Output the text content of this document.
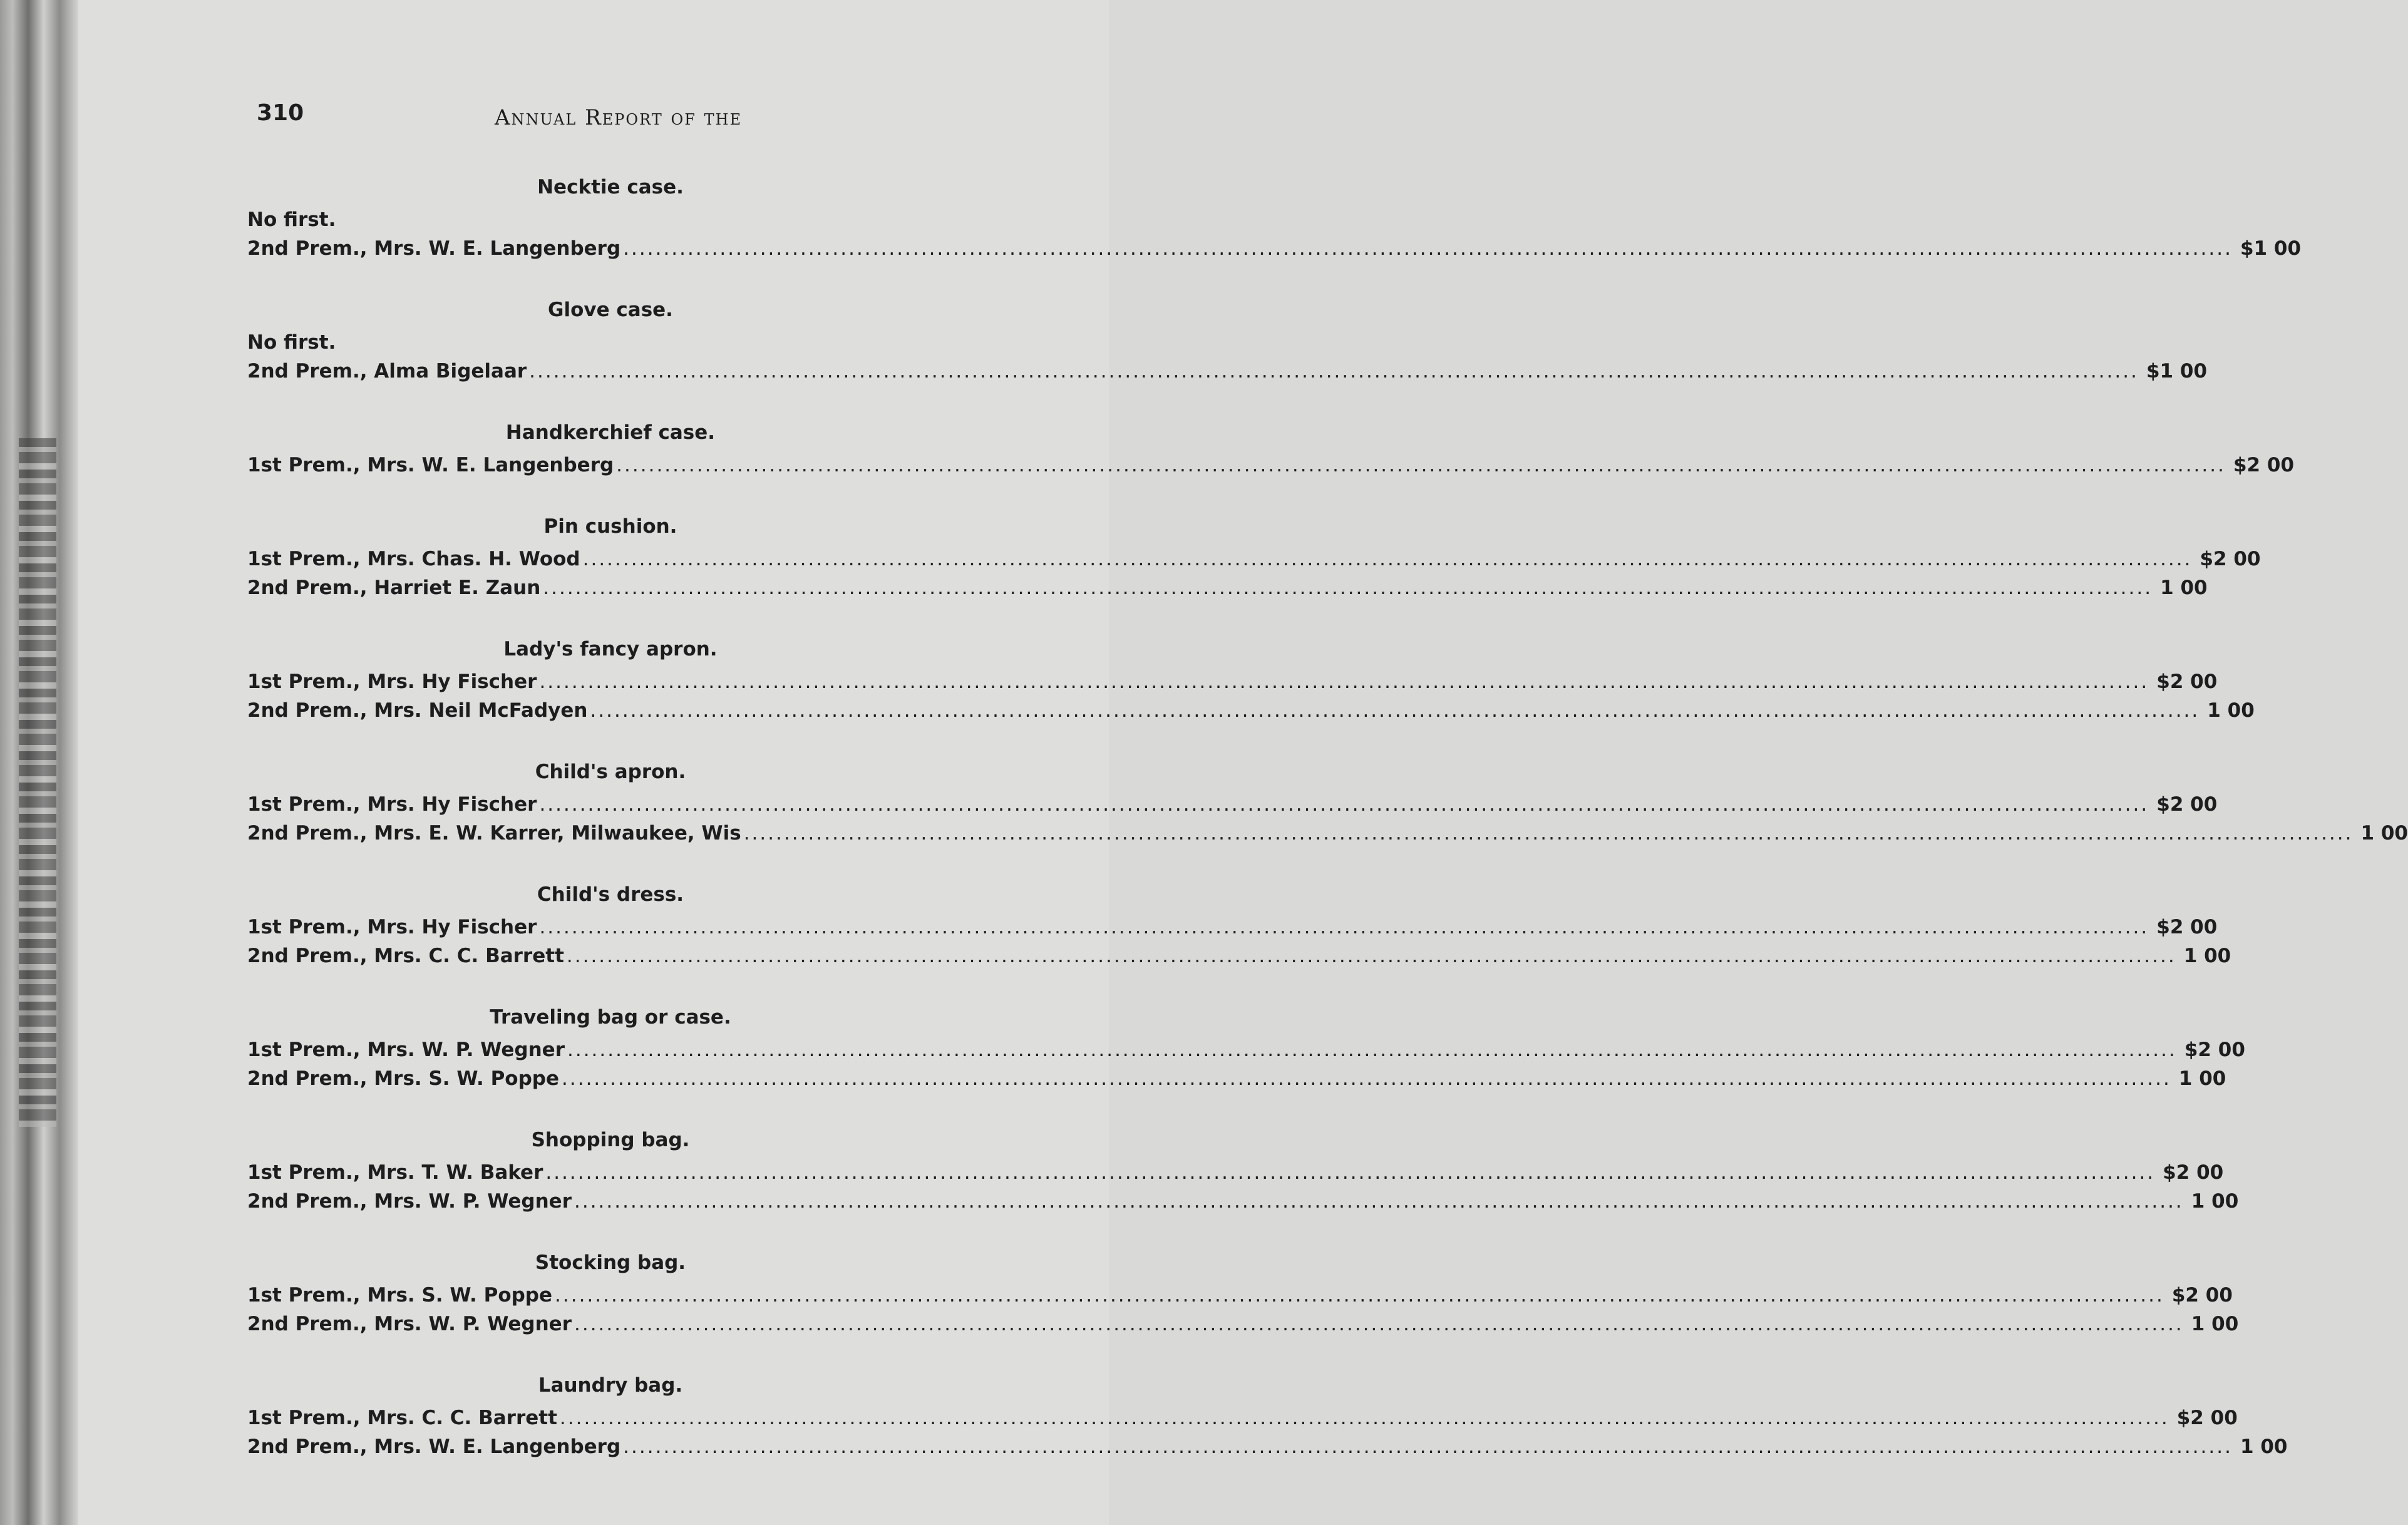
310	Annual Report of the
Necktie case.
No first.
2nd Prem., Mrs. W. E. Langenberg ........................................................................................................................................................................................................ $1 00
Glove case.
No first.
2nd Prem., Alma Bigelaar ........................................................................................................................................................................................................ $1 00
Handkerchief case.
1st Prem., Mrs. W. E. Langenberg ........................................................................................................................................................................................................ $2 00
Pin cushion.
1st Prem., Mrs. Chas. H. Wood ........................................................................................................................................................................................................ $2 00
2nd Prem., Harriet E. Zaun ........................................................................................................................................................................................................ 1 00
Lady's fancy apron.
1st Prem., Mrs. Hy Fischer ........................................................................................................................................................................................................ $2 00
2nd Prem., Mrs. Neil McFadyen ........................................................................................................................................................................................................ 1 00
Child's apron.
1st Prem., Mrs. Hy Fischer ........................................................................................................................................................................................................ $2 00
2nd Prem., Mrs. E. W. Karrer, Milwaukee, Wis ........................................................................................................................................................................................................ 1 00
Child's dress.
1st Prem., Mrs. Hy Fischer ........................................................................................................................................................................................................ $2 00
2nd Prem., Mrs. C. C. Barrett ........................................................................................................................................................................................................ 1 00
Traveling bag or case.
1st Prem., Mrs. W. P. Wegner ........................................................................................................................................................................................................ $2 00
2nd Prem., Mrs. S. W. Poppe ........................................................................................................................................................................................................ 1 00
Shopping bag.
1st Prem., Mrs. T. W. Baker ........................................................................................................................................................................................................ $2 00
2nd Prem., Mrs. W. P. Wegner ........................................................................................................................................................................................................ 1 00
Stocking bag.
1st Prem., Mrs. S. W. Poppe ........................................................................................................................................................................................................ $2 00
2nd Prem., Mrs. W. P. Wegner ........................................................................................................................................................................................................ 1 00
Laundry bag.
1st Prem., Mrs. C. C. Barrett ........................................................................................................................................................................................................ $2 00
2nd Prem., Mrs. W. E. Langenberg ........................................................................................................................................................................................................ 1 00
